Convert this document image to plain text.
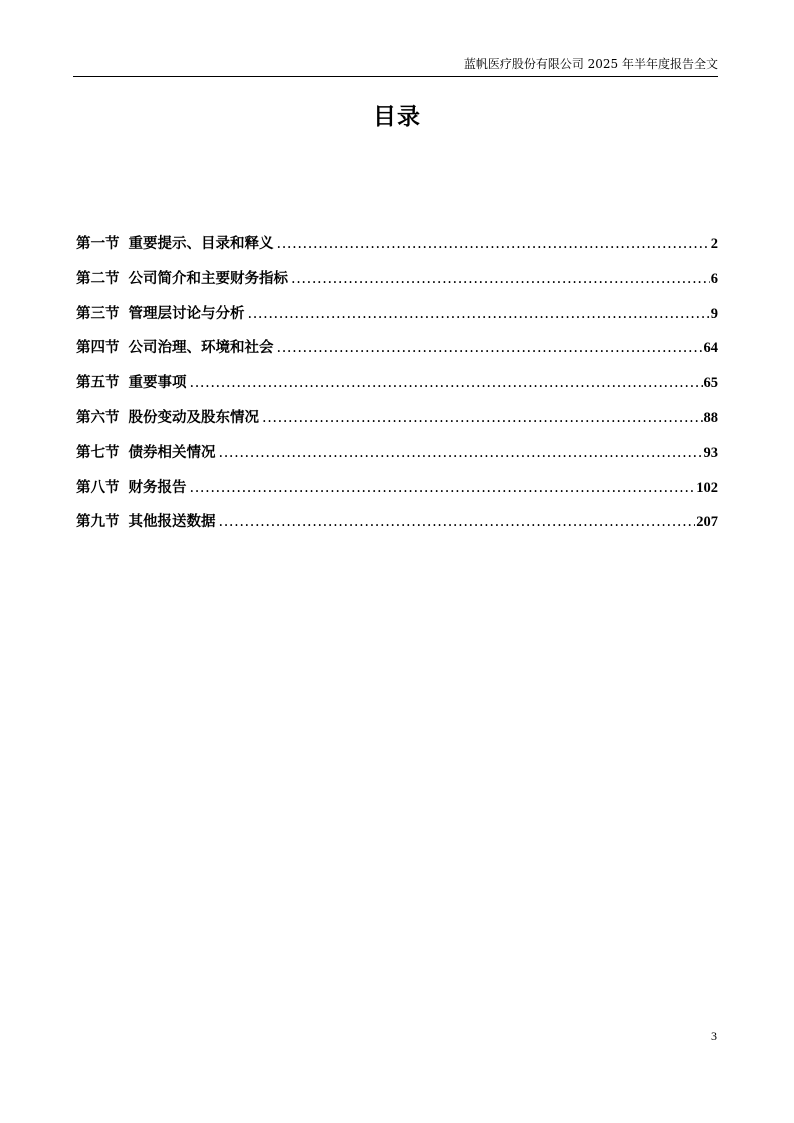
蓝帆医疗股份有限公司 2025 年半年度报告全文
目录
第一节 重要提示、目录和释义 .....	2
第二节 公司简介和主要财务指标 .....	6
第三节 管理层讨论与分析 .....	9
第四节 公司治理、环境和社会 .....	64
第五节 重要事项 .....	65
第六节 股份变动及股东情况 .....	88
第七节 债券相关情况 .....	93
第八节 财务报告 .....	102
第九节 其他报送数据 .....	207
3
